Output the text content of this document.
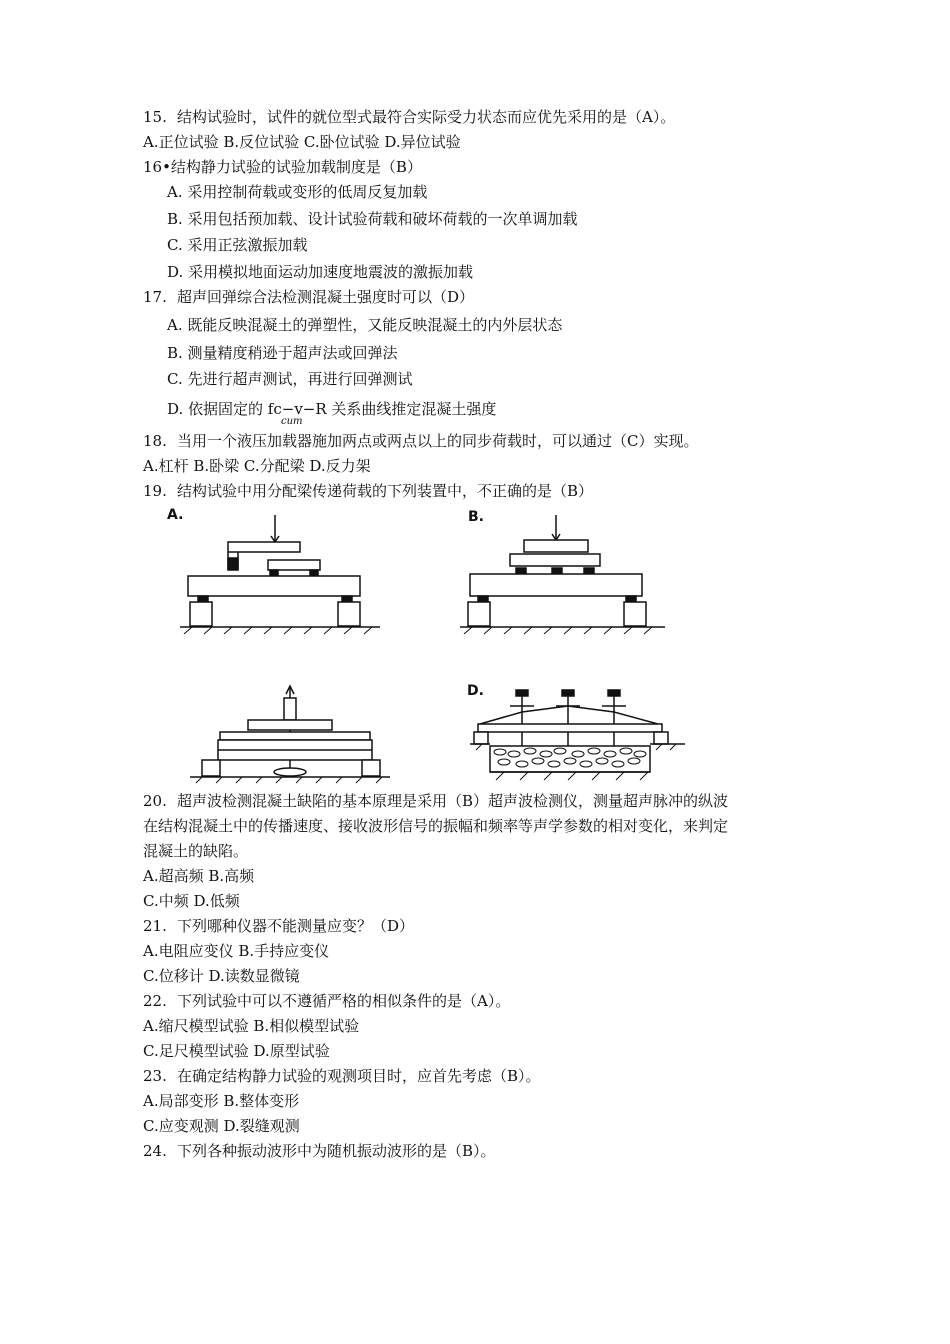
15. 结构试验时，试件的就位型式最符合实际受力状态而应优先采用的是（A）。
A.正位试验 B.反位试验 C.卧位试验 D.异位试验
16•结构静力试验的试验加载制度是（B）
A. 采用控制荷载或变形的低周反复加载
B. 采用包括预加载、设计试验荷载和破坏荷载的一次单调加载
C. 采用正弦激振加载
D. 采用模拟地面运动加速度地震波的激振加载
17. 超声回弹综合法检测混凝土强度时可以（D）
A. 既能反映混凝土的弹塑性，又能反映混凝土的内外层状态
B. 测量精度稍逊于超声法或回弹法
C. 先进行超声测试，再进行回弹测试
D. 依据固定的 fc−v−R 关系曲线推定混凝土强度
cum
18. 当用一个液压加载器施加两点或两点以上的同步荷载时，可以通过（C）实现。
A.杠杆 B.卧梁 C.分配梁 D.反力架
19. 结构试验中用分配梁传递荷载的下列装置中，不正确的是（B）
A.	B.
D.
20. 超声波检测混凝土缺陷的基本原理是采用（B）超声波检测仪，测量超声脉冲的纵波
在结构混凝土中的传播速度、接收波形信号的振幅和频率等声学参数的相对变化，来判定
混凝土的缺陷。
A.超高频 B.高频
C.中频 D.低频
21. 下列哪种仪器不能测量应变？（D）
A.电阻应变仪 B.手持应变仪
C.位移计 D.读数显微镜
22. 下列试验中可以不遵循严格的相似条件的是（A）。
A.缩尺模型试验 B.相似模型试验
C.足尺模型试验 D.原型试验
23. 在确定结构静力试验的观测项目时，应首先考虑（B）。
A.局部变形 B.整体变形
C.应变观测 D.裂缝观测
24. 下列各种振动波形中为随机振动波形的是（B）。
